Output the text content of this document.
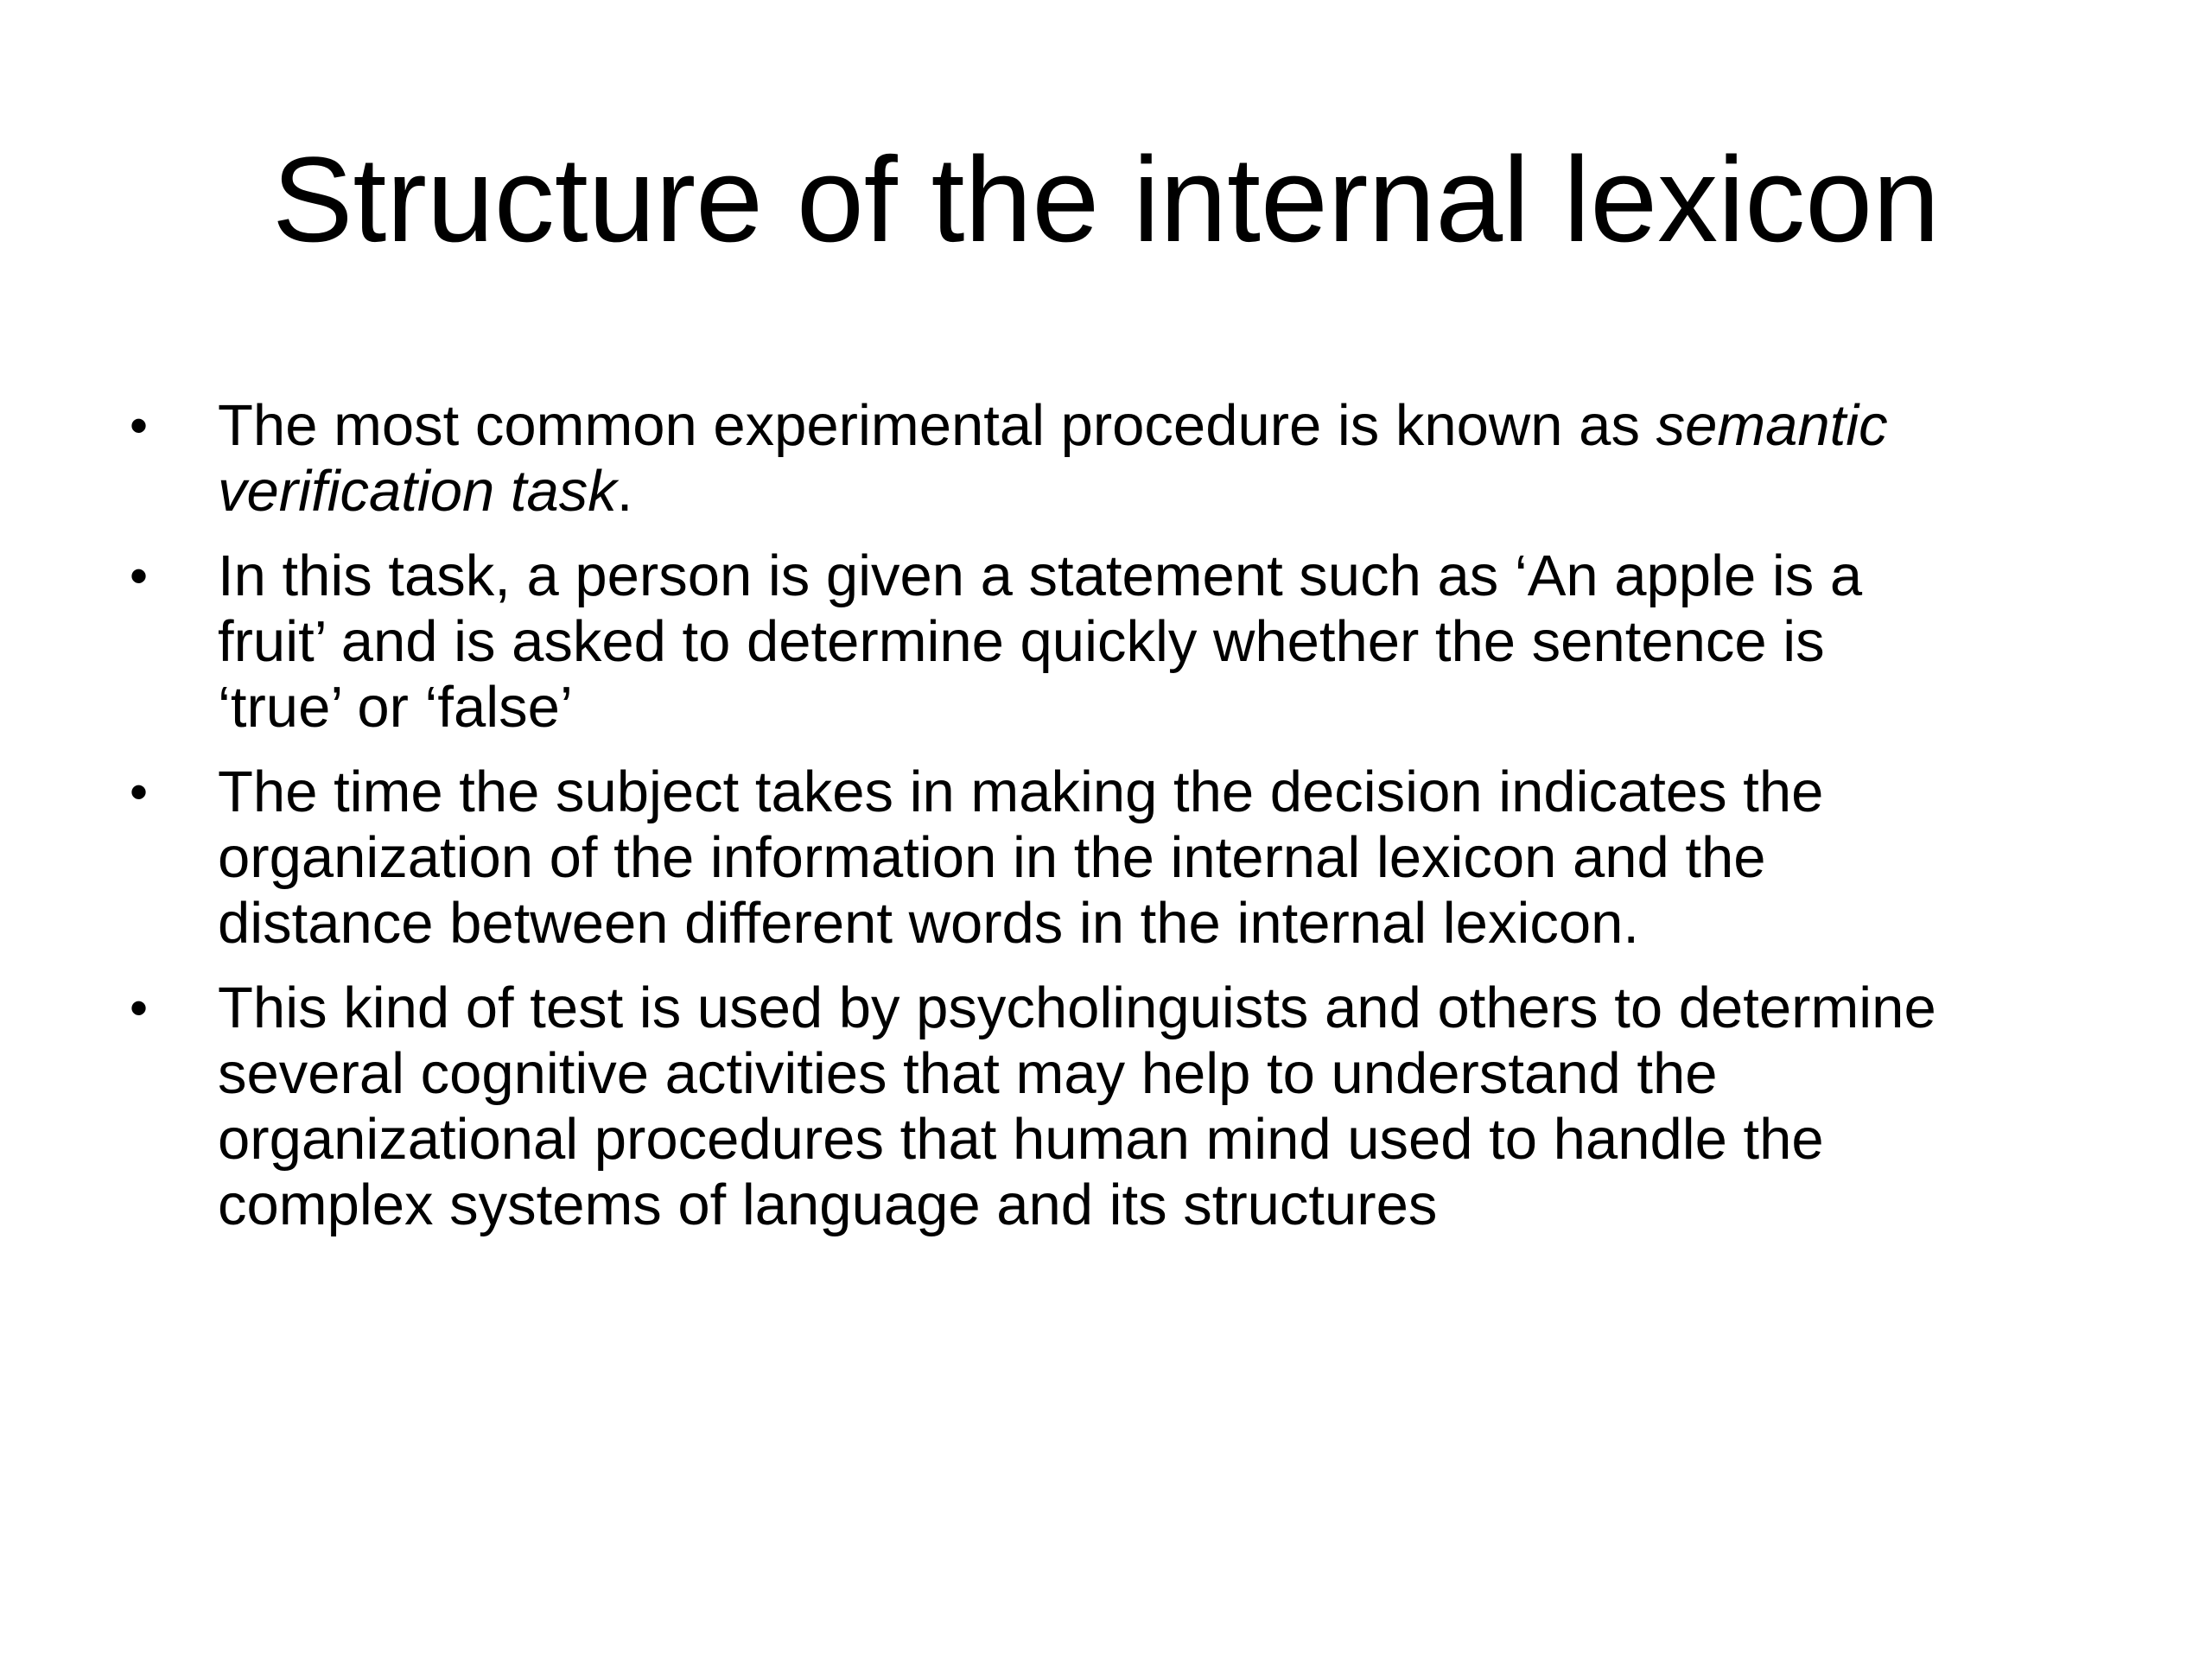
Structure of the internal lexicon
• The most common experimental procedure is known as semantic
verification task.
• In this task, a person is given a statement such as ‘An apple is a
fruit’ and is asked to determine quickly whether the sentence is
‘true’ or ‘false’
• The time the subject takes in making the decision indicates the
organization of the information in the internal lexicon and the
distance between different words in the internal lexicon.
• This kind of test is used by psycholinguists and others to determine
several cognitive activities that may help to understand the
organizational procedures that human mind used to handle the
complex systems of language and its structures
